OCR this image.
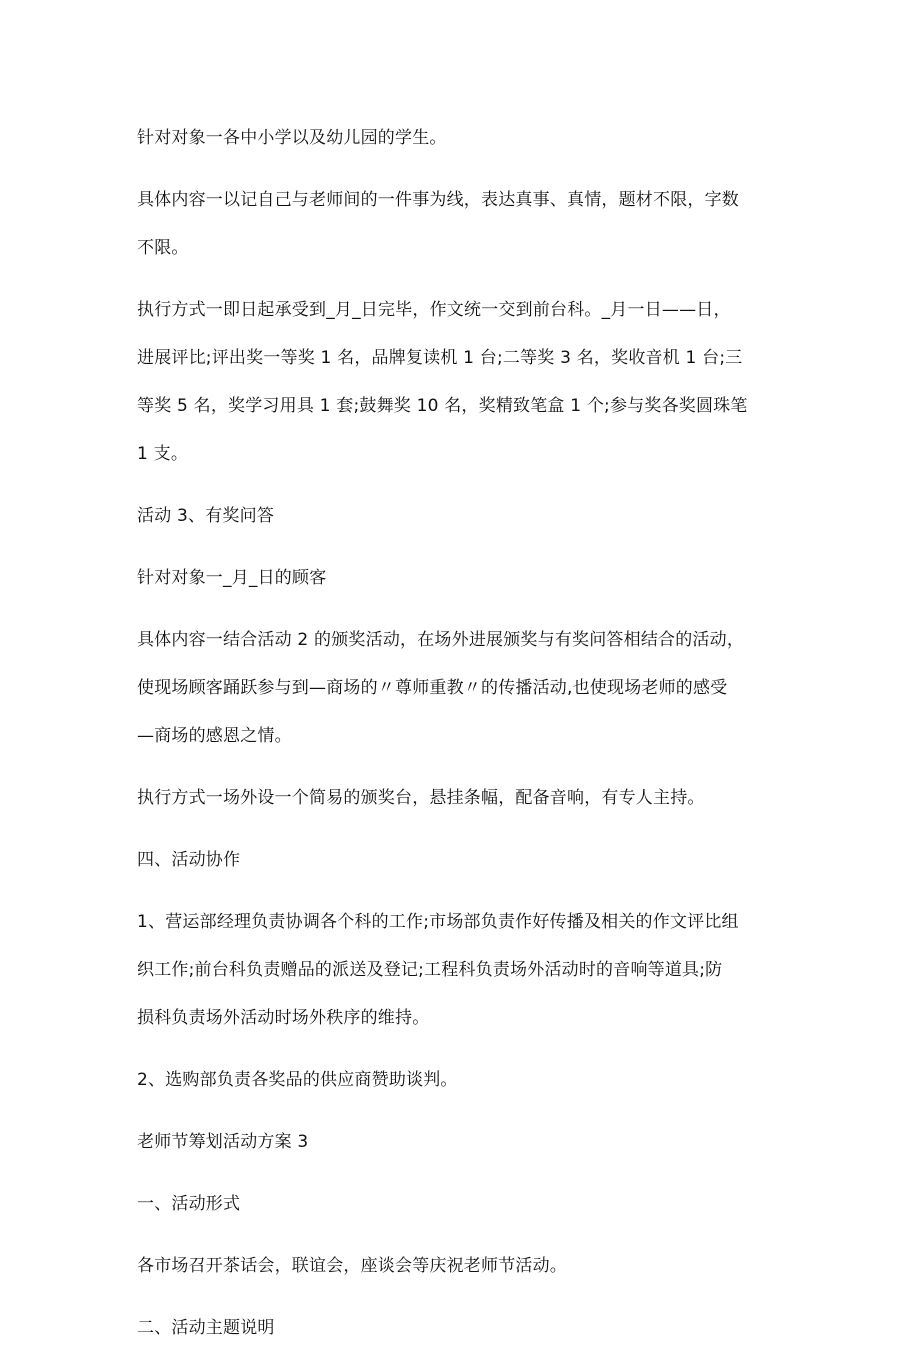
针对对象一各中小学以及幼儿园的学生。

具体内容一以记自己与老师间的一件事为线，表达真事、真情，题材不限，字数
不限。

执行方式一即日起承受到_月_日完毕，作文统一交到前台科。_月一日——日，
进展评比;评出奖一等奖 1 名，品牌复读机 1 台;二等奖 3 名，奖收音机 1 台;三
等奖 5 名，奖学习用具 1 套;鼓舞奖 10 名，奖精致笔盒 1 个;参与奖各奖圆珠笔
1 支。

活动 3、有奖问答

针对对象一_月_日的顾客

具体内容一结合活动 2 的颁奖活动，在场外进展颁奖与有奖问答相结合的活动，
使现场顾客踊跃参与到—商场的〃尊师重教〃的传播活动,也使现场老师的感受
—商场的感恩之情。

执行方式一场外设一个简易的颁奖台，悬挂条幅，配备音响，有专人主持。

四、活动协作

1、营运部经理负责协调各个科的工作;市场部负责作好传播及相关的作文评比组
织工作;前台科负责赠品的派送及登记;工程科负责场外活动时的音响等道具;防
损科负责场外活动时场外秩序的维持。

2、选购部负责各奖品的供应商赞助谈判。

老师节筹划活动方案 3

一、活动形式

各市场召开茶话会，联谊会，座谈会等庆祝老师节活动。

二、活动主题说明
